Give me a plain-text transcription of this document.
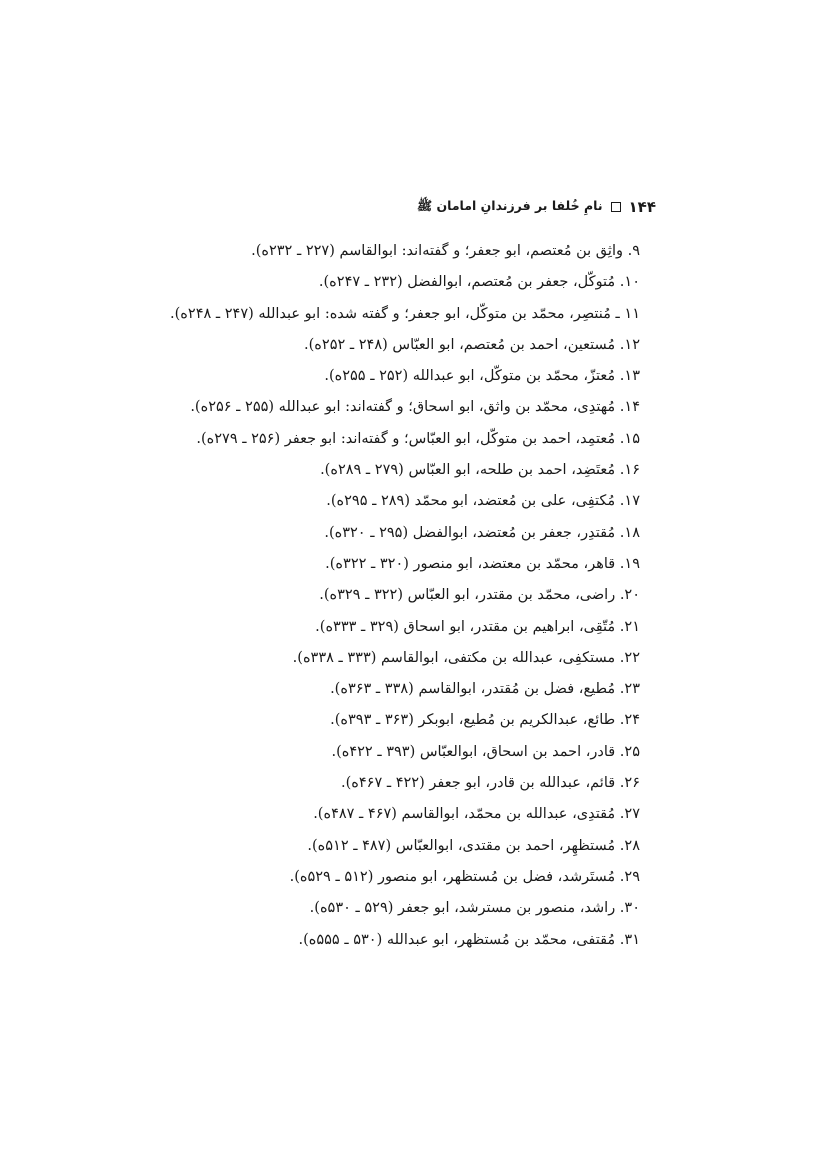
۱۴۴
نامِ خُلفا بر فرزندانِ امامان ﷺ
۹. واثِق بن مُعتصم، ابو جعفر؛ و گفته‌اند: ابوالقاسم (۲۲۷ ـ ۲۳۲ه).
۱۰. مُتوکّل، جعفر بن مُعتصم، ابوالفضل (۲۳۲ ـ ۲۴۷ه).
۱۱ ـ مُنتصِر، محمّد بن متوکّل، ابو جعفر؛ و گفته شده: ابو عبدالله (۲۴۷ ـ ۲۴۸ه).
۱۲. مُستعین، احمد بن مُعتصم، ابو العبّاس (۲۴۸ ـ ۲۵۲ه).
۱۳. مُعتزّ، محمّد بن متوکّل، ابو عبدالله (۲۵۲ ـ ۲۵۵ه).
۱۴. مُهتدِی، محمّد بن واثق، ابو اسحاق؛ و گفته‌اند: ابو عبدالله (۲۵۵ ـ ۲۵۶ه).
۱۵. مُعتمِد، احمد بن متوکّل، ابو العبّاس؛ و گفته‌اند: ابو جعفر (۲۵۶ ـ ۲۷۹ه).
۱۶. مُعتَضِد، احمد بن طلحه، ابو العبّاس (۲۷۹ ـ ۲۸۹ه).
۱۷. مُکتفِی، علی بن مُعتضد، ابو محمّد (۲۸۹ ـ ۲۹۵ه).
۱۸. مُقتدِر، جعفر بن مُعتضد، ابوالفضل (۲۹۵ ـ ۳۲۰ه).
۱۹. قاهر، محمّد بن معتضد، ابو منصور (۳۲۰ ـ ۳۲۲ه).
۲۰. راضی، محمّد بن مقتدر، ابو العبّاس (۳۲۲ ـ ۳۲۹ه).
۲۱. مُتّقِی، ابراهیم بن مقتدر، ابو اسحاق (۳۲۹ ـ ۳۳۳ه).
۲۲. مستکفِی، عبدالله بن مکتفی، ابوالقاسم (۳۳۳ ـ ۳۳۸ه).
۲۳. مُطیع، فضل بن مُقتدر، ابوالقاسم (۳۳۸ ـ ۳۶۳ه).
۲۴. طائع، عبدالکریم بن مُطیع، ابوبکر (۳۶۳ ـ ۳۹۳ه).
۲۵. قادر، احمد بن اسحاق، ابوالعبّاس (۳۹۳ ـ ۴۲۲ه).
۲۶. قائم، عبدالله بن قادر، ابو جعفر (۴۲۲ ـ ۴۶۷ه).
۲۷. مُقتدِی، عبدالله بن محمّد، ابوالقاسم (۴۶۷ ـ ۴۸۷ه).
۲۸. مُستظهِر، احمد بن مقتدی، ابوالعبّاس (۴۸۷ ـ ۵۱۲ه).
۲۹. مُستَرشد، فضل بن مُستظهر، ابو منصور (۵۱۲ ـ ۵۲۹ه).
۳۰. راشد، منصور بن مسترشد، ابو جعفر (۵۲۹ ـ ۵۳۰ه).
۳۱. مُقتفی، محمّد بن مُستظهر، ابو عبدالله (۵۳۰ ـ ۵۵۵ه).
